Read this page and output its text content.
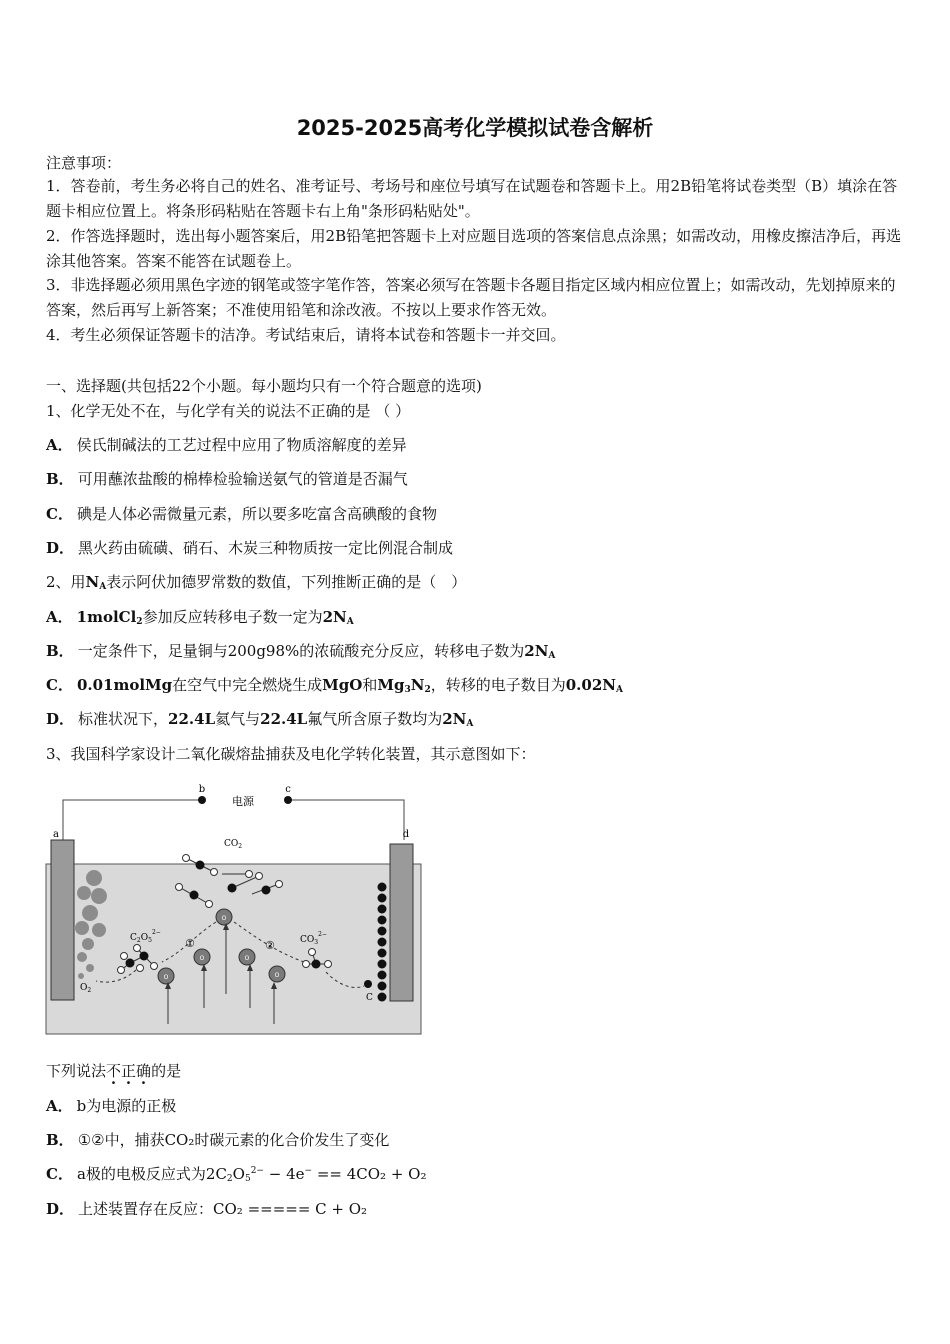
2025-2025高考化学模拟试卷含解析
注意事项：
1．答卷前，考生务必将自己的姓名、准考证号、考场号和座位号填写在试题卷和答题卡上。用2B铅笔将试卷类型（B）填涂在答题卡相应位置上。将条形码粘贴在答题卡右上角"条形码粘贴处"。
2．作答选择题时，选出每小题答案后，用2B铅笔把答题卡上对应题目选项的答案信息点涂黑；如需改动，用橡皮擦洁净后，再选涂其他答案。答案不能答在试题卷上。
3．非选择题必须用黑色字迹的钢笔或签字笔作答，答案必须写在答题卡各题目指定区域内相应位置上；如需改动，先划掉原来的答案，然后再写上新答案；不准使用铅笔和涂改液。不按以上要求作答无效。
4．考生必须保证答题卡的洁净。考试结束后，请将本试卷和答题卡一并交回。
一、选择题(共包括22个小题。每小题均只有一个符合题意的选项)
1、化学无处不在，与化学有关的说法不正确的是 （ ）
A． 侯氏制碱法的工艺过程中应用了物质溶解度的差异
B． 可用蘸浓盐酸的棉棒检验输送氨气的管道是否漏气
C． 碘是人体必需微量元素，所以要多吃富含高碘酸的食物
D． 黑火药由硫磺、硝石、木炭三种物质按一定比例混合制成
2、用$N_A$表示阿伏加德罗常数的数值，下列推断正确的是（　）
A． 1molCl$_2$参加反应转移电子数一定为$2N_A$
B． 一定条件下，足量铜与200g98%的浓硫酸充分反应，转移电子数为$2N_A$
C． 0.01molMg在空气中完全燃烧生成MgO和$Mg_3N_2$，转移的电子数目为$0.02N_A$
D． 标准状况下，22.4L氦气与22.4L氟气所含原子数均为$2N_A$
3、我国科学家设计二氧化碳熔盐捕获及电化学转化装置，其示意图如下：
b	c
电源
a	d
$O_2$
C
$CO_2$
O
O
O
O
O
$C_2O_5^{2-}$
$CO_3^{2-}$
①	②
下列说法不正确的是
A． b为电源的正极
B． ①②中，捕获CO₂时碳元素的化合价发生了变化
C． a极的电极反应式为$2C_2O_5^{2-} - 4e^- == 4CO_2 + O_2$
D． 上述装置存在反应：CO₂ ===== C + O₂
